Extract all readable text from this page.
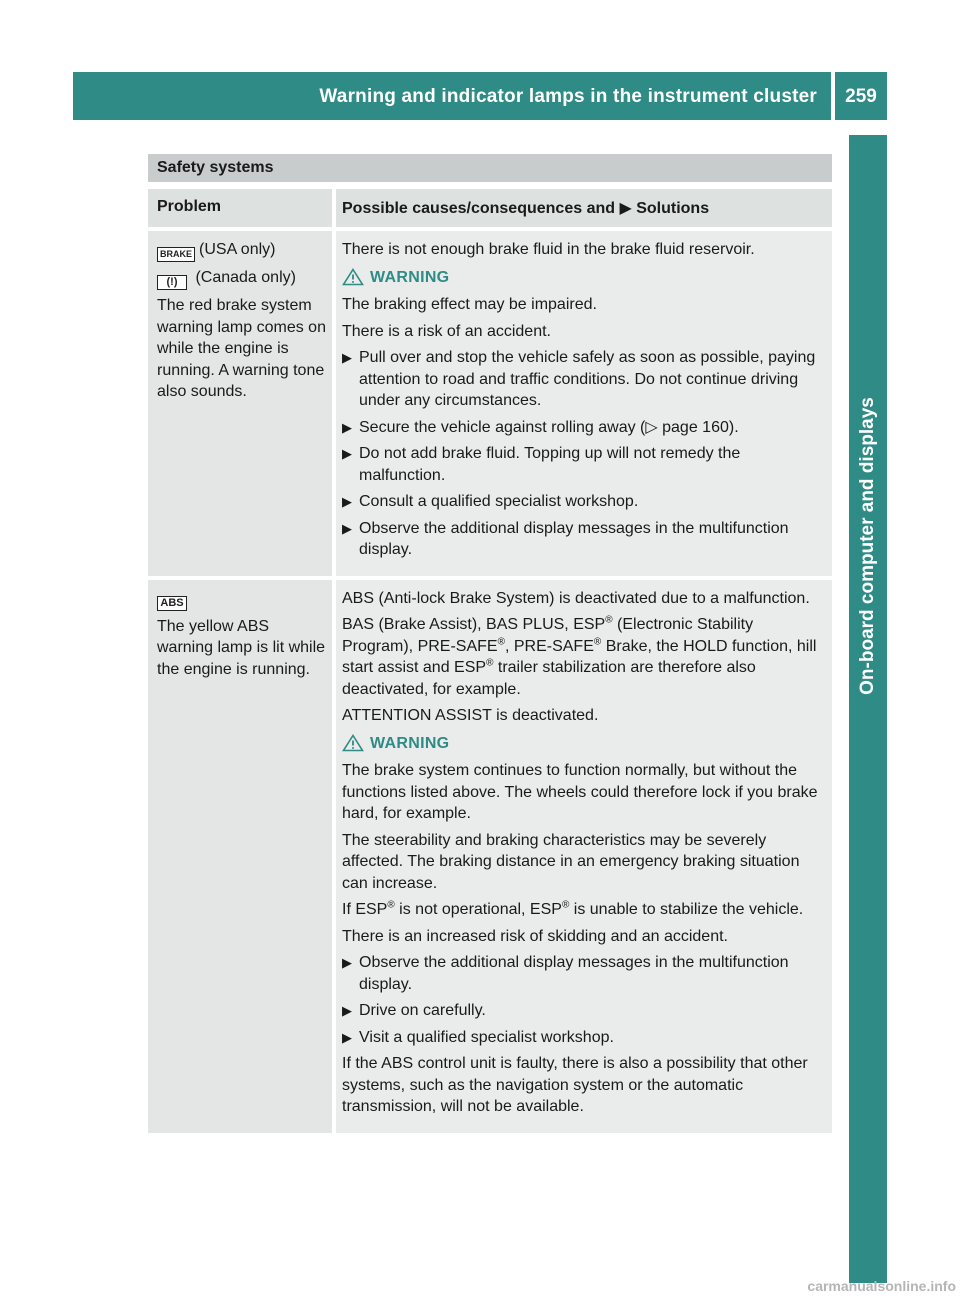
Warning and indicator lamps in the instrument cluster	259
On-board computer and displays
Safety systems
Problem	Possible causes/consequences and ▶ Solutions

BRAKE (USA only)

(!) (Canada only)

The red brake system warning lamp comes on while the engine is running. A warning tone also sounds.

There is not enough brake fluid in the brake fluid reservoir.

WARNING

The braking effect may be impaired.

There is a risk of an accident.

▶ Pull over and stop the vehicle safely as soon as possible, paying attention to road and traffic conditions. Do not continue driving under any circumstances.
▶ Secure the vehicle against rolling away (▷ page 160).
▶ Do not add brake fluid. Topping up will not remedy the malfunction.
▶ Consult a qualified specialist workshop.
▶ Observe the additional display messages in the multifunction display.

ABS

The yellow ABS warning lamp is lit while the engine is running.

ABS (Anti-lock Brake System) is deactivated due to a malfunction.

BAS (Brake Assist), BAS PLUS, ESP® (Electronic Stability Program), PRE-SAFE®, PRE-SAFE® Brake, the HOLD function, hill start assist and ESP® trailer stabilization are therefore also deactivated, for example.

ATTENTION ASSIST is deactivated.

WARNING

The brake system continues to function normally, but without the functions listed above. The wheels could therefore lock if you brake hard, for example.

The steerability and braking characteristics may be severely affected. The braking distance in an emergency braking situation can increase.

If ESP® is not operational, ESP® is unable to stabilize the vehicle.

There is an increased risk of skidding and an accident.

▶ Observe the additional display messages in the multifunction display.
▶ Drive on carefully.
▶ Visit a qualified specialist workshop.

If the ABS control unit is faulty, there is also a possibility that other systems, such as the navigation system or the automatic transmission, will not be available.

carmanualsonline.info
